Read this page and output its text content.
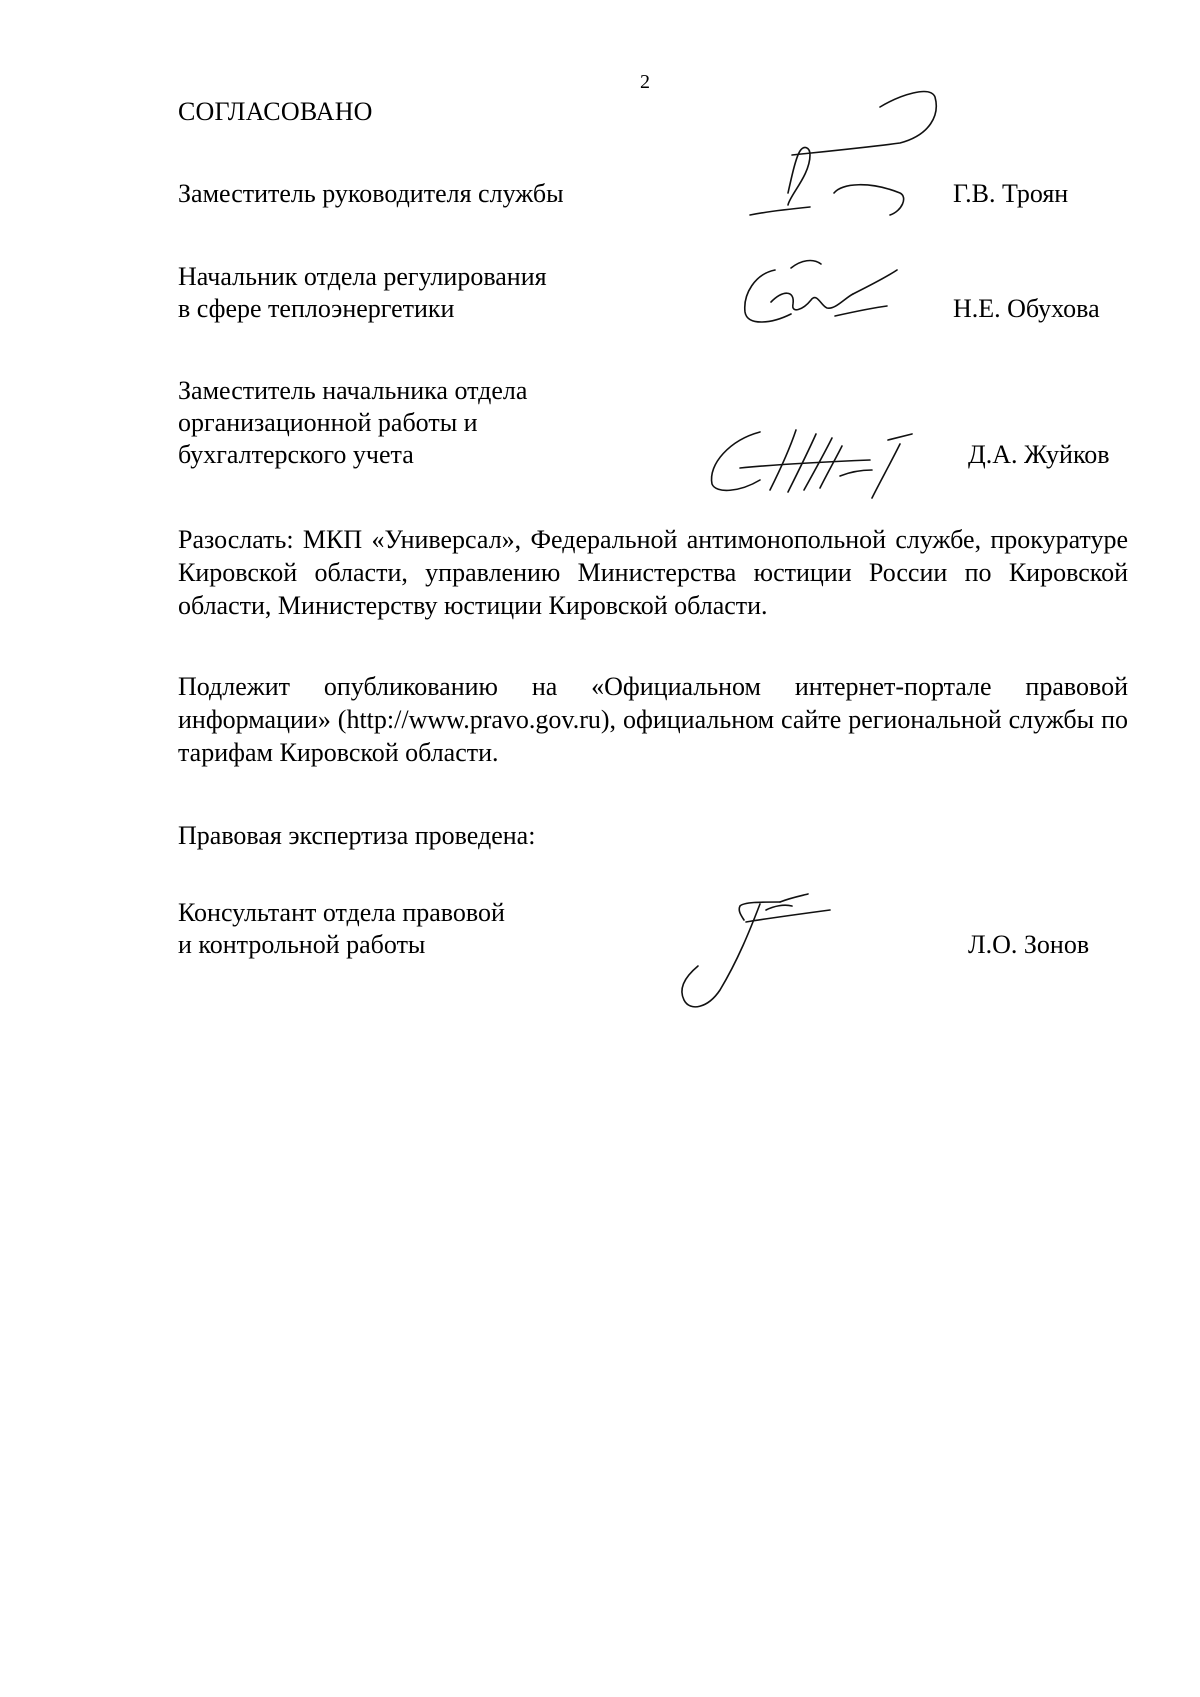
2
СОГЛАСОВАНО
Заместитель руководителя службы	Г.В. Троян
Начальник отдела регулирования
в сфере теплоэнергетики	Н.Е. Обухова
Заместитель начальника отдела
организационной работы и
бухгалтерского учета	Д.А. Жуйков
Разослать: МКП «Универсал», Федеральной антимонопольной службе, прокуратуре Кировской области, управлению Министерства юстиции России по Кировской области, Министерству юстиции Кировской области.
Подлежит опубликованию на «Официальном интернет-портале правовой информации» (http://www.pravo.gov.ru), официальном сайте региональной службы по тарифам Кировской области.
Правовая экспертиза проведена:
Консультант отдела правовой
и контрольной работы	Л.О. Зонов
